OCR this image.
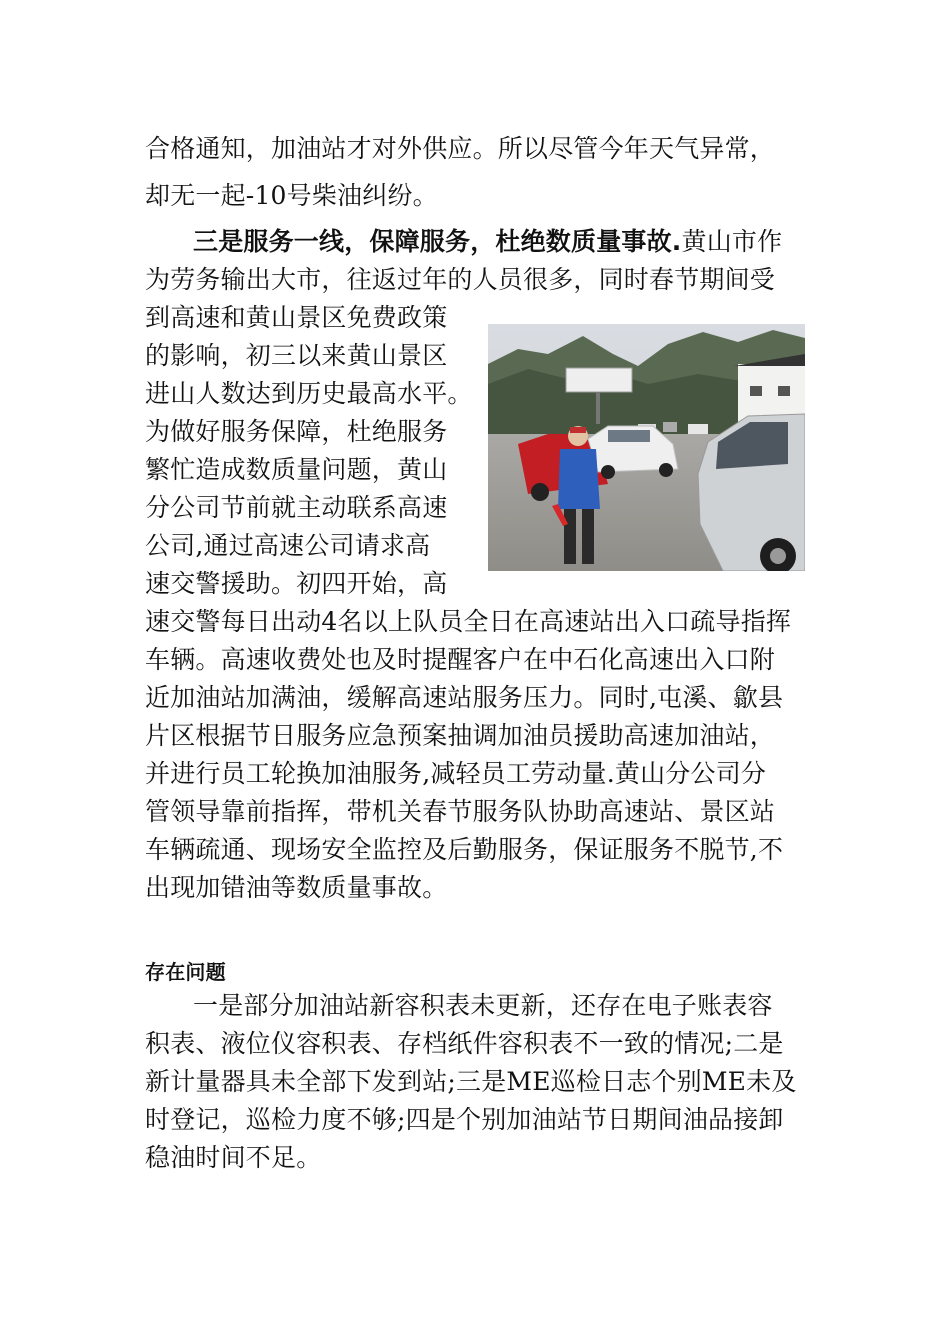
合格通知，加油站才对外供应。所以尽管今年天气异常，
却无一起-10号柴油纠纷。
三是服务一线，保障服务，杜绝数质量事故.黄山市作
为劳务输出大市，往返过年的人员很多，同时春节期间受
到高速和黄山景区免费政策
的影响，初三以来黄山景区
进山人数达到历史最高水平。
为做好服务保障，杜绝服务
繁忙造成数质量问题，黄山
分公司节前就主动联系高速
公司,通过高速公司请求高
速交警援助。初四开始，高
速交警每日出动4名以上队员全日在高速站出入口疏导指挥
车辆。高速收费处也及时提醒客户在中石化高速出入口附
近加油站加满油，缓解高速站服务压力。同时,屯溪、歙县
片区根据节日服务应急预案抽调加油员援助高速加油站，
并进行员工轮换加油服务,减轻员工劳动量.黄山分公司分
管领导靠前指挥，带机关春节服务队协助高速站、景区站
车辆疏通、现场安全监控及后勤服务，保证服务不脱节,不
出现加错油等数质量事故。
存在问题
一是部分加油站新容积表未更新，还存在电子账表容
积表、液位仪容积表、存档纸件容积表不一致的情况;二是
新计量器具未全部下发到站;三是ME巡检日志个别ME未及
时登记，巡检力度不够;四是个别加油站节日期间油品接卸
稳油时间不足。
